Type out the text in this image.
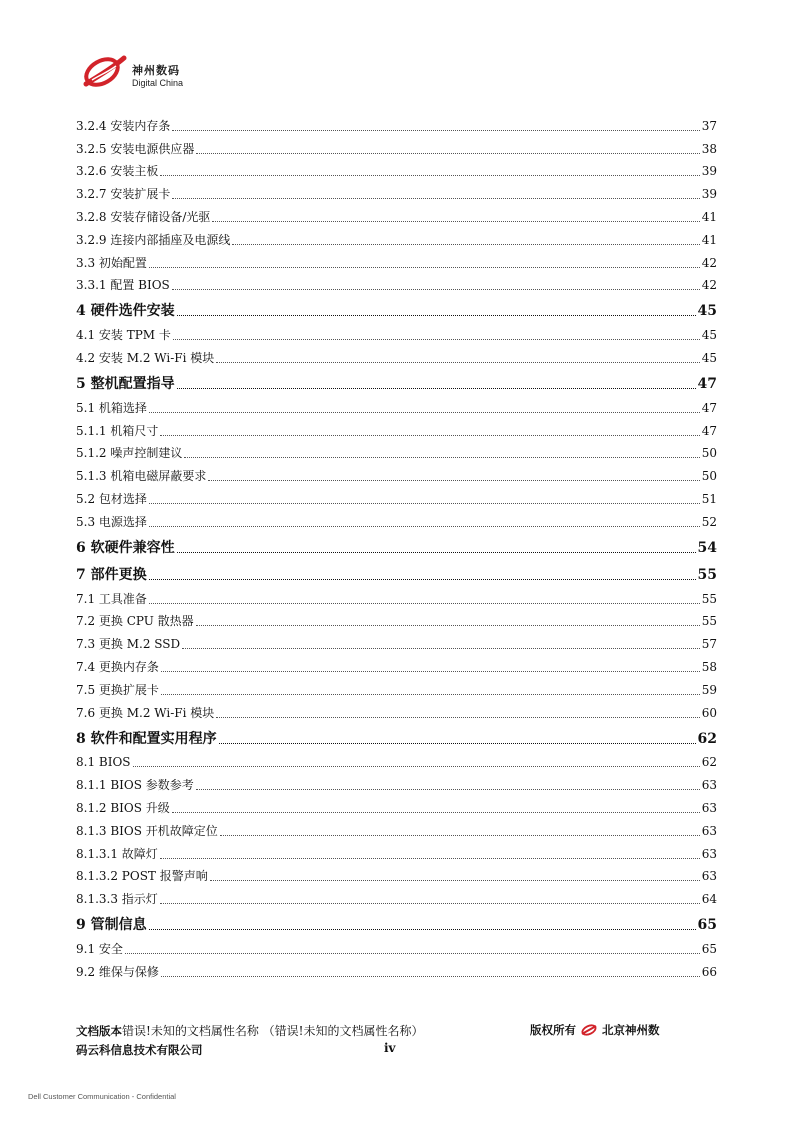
神州数码
Digital China
3.2.4 安装内存条	37
3.2.5 安装电源供应器	38
3.2.6 安装主板	39
3.2.7 安装扩展卡	39
3.2.8 安装存储设备/光驱	41
3.2.9 连接内部插座及电源线	41
3.3 初始配置	42
3.3.1 配置 BIOS	42
4 硬件选件安装	45
4.1 安装 TPM 卡	45
4.2 安装 M.2 Wi-Fi 模块	45
5 整机配置指导	47
5.1 机箱选择	47
5.1.1 机箱尺寸	47
5.1.2 噪声控制建议	50
5.1.3 机箱电磁屏蔽要求	50
5.2 包材选择	51
5.3 电源选择	52
6 软硬件兼容性	54
7 部件更换	55
7.1 工具准备	55
7.2 更换 CPU 散热器	55
7.3 更换 M.2 SSD	57
7.4 更换内存条	58
7.5 更换扩展卡	59
7.6 更换 M.2 Wi-Fi 模块	60
8 软件和配置实用程序	62
8.1 BIOS	62
8.1.1 BIOS 参数参考	63
8.1.2 BIOS 升级	63
8.1.3 BIOS 开机故障定位	63
8.1.3.1 故障灯	63
8.1.3.2 POST 报警声响	63
8.1.3.3 指示灯	64
9 管制信息	65
9.1 安全	65
9.2 维保与保修	66
文档版本错误!未知的文档属性名称 （错误!未知的文档属性名称）	版权所有 北京神州数
码云科信息技术有限公司	iv
Dell Customer Communication - Confidential
